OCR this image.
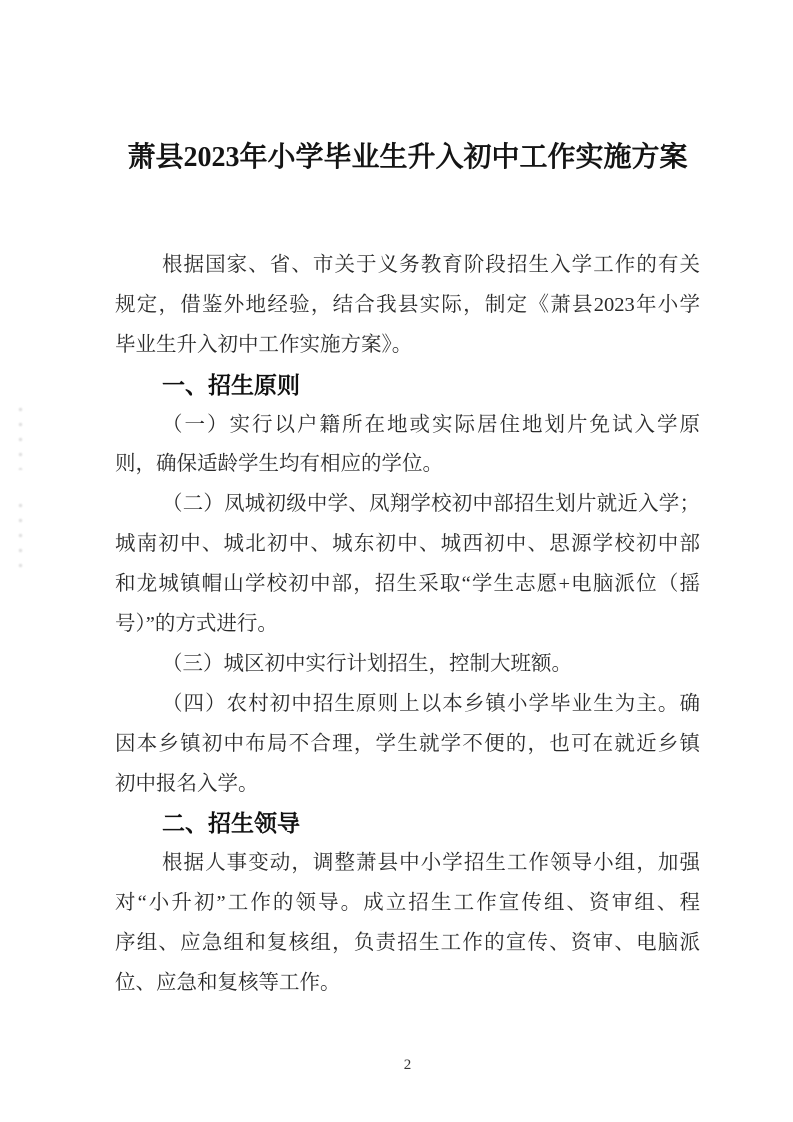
萧县2023年小学毕业生升入初中工作实施方案
根据国家、省、市关于义务教育阶段招生入学工作的有关
规定，借鉴外地经验，结合我县实际，制定《萧县2023年小学
毕业生升入初中工作实施方案》。
一、招生原则
（一）实行以户籍所在地或实际居住地划片免试入学原
则，确保适龄学生均有相应的学位。
（二）凤城初级中学、凤翔学校初中部招生划片就近入学；
城南初中、城北初中、城东初中、城西初中、思源学校初中部
和龙城镇帽山学校初中部，招生采取“学生志愿+电脑派位（摇
号）”的方式进行。
（三）城区初中实行计划招生，控制大班额。
（四）农村初中招生原则上以本乡镇小学毕业生为主。确
因本乡镇初中布局不合理，学生就学不便的，也可在就近乡镇
初中报名入学。
二、招生领导
根据人事变动，调整萧县中小学招生工作领导小组，加强
对“小升初”工作的领导。成立招生工作宣传组、资审组、程
序组、应急组和复核组，负责招生工作的宣传、资审、电脑派
位、应急和复核等工作。
2
